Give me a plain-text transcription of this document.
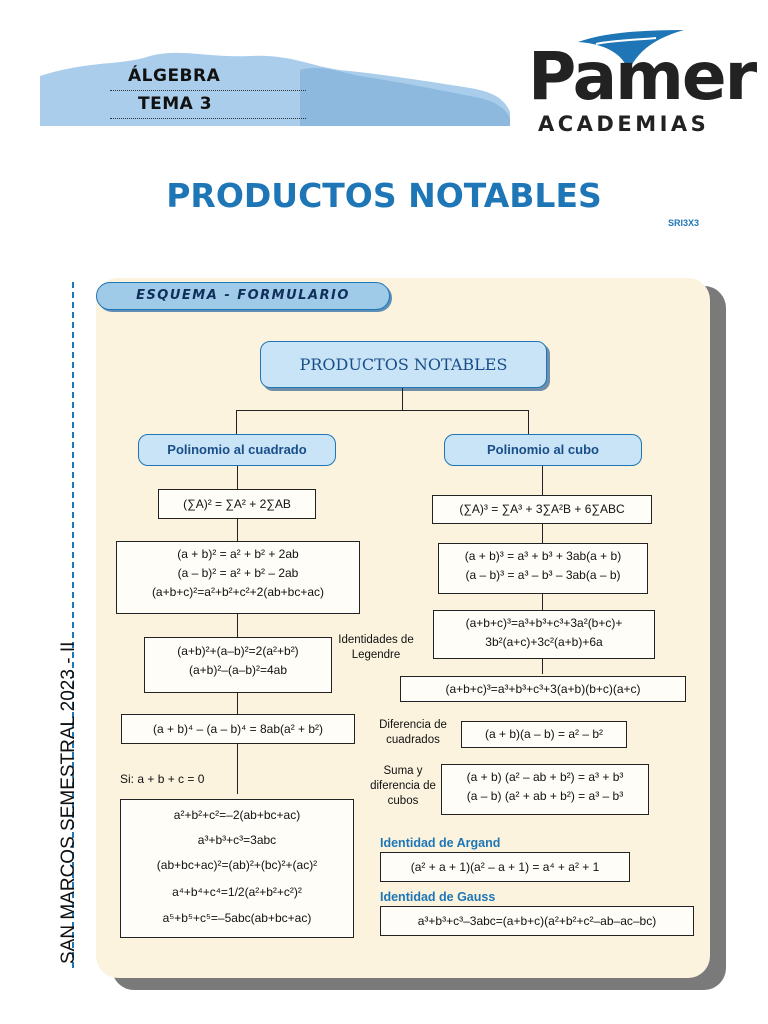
ÁLGEBRA
TEMA 3	Pamer
ACADEMIAS
PRODUCTOS NOTABLES
SRI3X3
SAN MARCOS SEMESTRAL 2023 - II
ESQUEMA - FORMULARIO
PRODUCTOS NOTABLES
Polinomio al cuadrado
(∑A)² = ∑A² + 2∑AB
(a + b)² = a² + b² + 2ab
(a – b)² = a² + b² – 2ab
(a+b+c)²=a²+b²+c²+2(ab+bc+ac)
(a+b)²+(a–b)²=2(a²+b²)
(a+b)²–(a–b)²=4ab
Identidades de Legendre
(a + b)⁴ – (a – b)⁴ = 8ab(a² + b²)
Si: a + b + c = 0
a²+b²+c²=–2(ab+bc+ac)
a³+b³+c³=3abc
(ab+bc+ac)²=(ab)²+(bc)²+(ac)²
a⁴+b⁴+c⁴=1/2(a²+b²+c²)²
a⁵+b⁵+c⁵=–5abc(ab+bc+ac)
Polinomio al cubo
(∑A)³ = ∑A³ + 3∑A²B + 6∑ABC
(a + b)³ = a³ + b³ + 3ab(a + b)
(a – b)³ = a³ – b³ – 3ab(a – b)
(a+b+c)³=a³+b³+c³+3a²(b+c)+
3b²(a+c)+3c²(a+b)+6a
(a+b+c)³=a³+b³+c³+3(a+b)(b+c)(a+c)
Diferencia de cuadrados	(a + b)(a – b) = a² – b²
Suma y diferencia de cubos
(a + b) (a² – ab + b²) = a³ + b³
(a – b) (a² + ab + b²) = a³ – b³
Identidad de Argand
(a² + a + 1)(a² – a + 1) = a⁴ + a² + 1
Identidad de Gauss
a³+b³+c³–3abc=(a+b+c)(a²+b²+c²–ab–ac–bc)
